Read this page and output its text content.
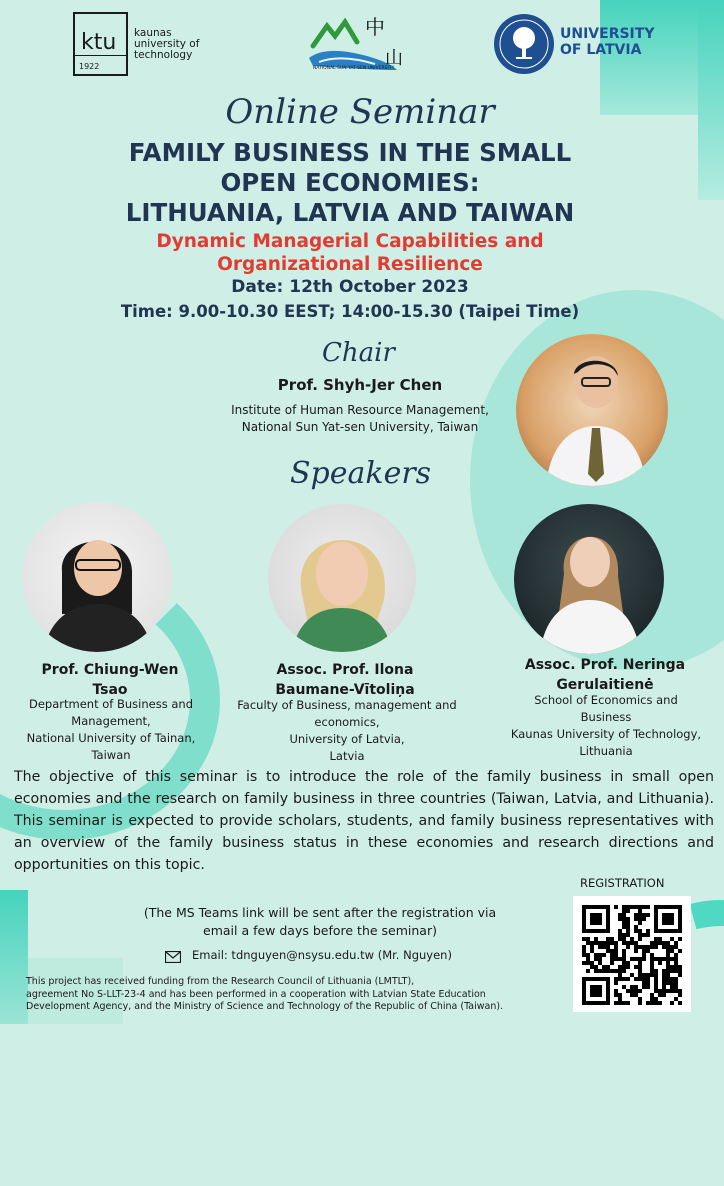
ktu
1922
kaunas
university of
technology
中
山
NATIONAL SUN YAT-SEN UNIVERSITY
UNIVERSITY
OF LATVIA
Online Seminar
FAMILY BUSINESS IN THE SMALL
OPEN ECONOMIES:
LITHUANIA, LATVIA AND TAIWAN
Dynamic Managerial Capabilities and
Organizational Resilience
Date: 12th October 2023
Time: 9.00-10.30 EEST; 14:00-15.30 (Taipei Time)
Chair
Prof. Shyh-Jer Chen
Institute of Human Resource Management,
National Sun Yat-sen University, Taiwan
Speakers
Prof. Chiung-Wen
Tsao
Department of Business and
Management,
National University of Tainan,
Taiwan
Assoc. Prof. Ilona
Baumane-Vītoliņa
Faculty of Business, management and
economics,
University of Latvia,
Latvia
Assoc. Prof. Neringa
Gerulaitienė
School of Economics and
Business
Kaunas University of Technology,
Lithuania
The objective of this seminar is to introduce the role of the family business in small open economies and the research on family business in three countries (Taiwan, Latvia, and Lithuania). This seminar is expected to provide scholars, students, and family business representatives with an overview of the family business status in these economies and research directions and opportunities on this topic.
REGISTRATION
(The MS Teams link will be sent after the registration via
email a few days before the seminar)
Email: tdnguyen@nsysu.edu.tw (Mr. Nguyen)
This project has received funding from the Research Council of Lithuania (LMTLT),
agreement No S-LLT-23-4 and has been performed in a cooperation with Latvian State Education
Development Agency, and the Ministry of Science and Technology of the Republic of China (Taiwan).
